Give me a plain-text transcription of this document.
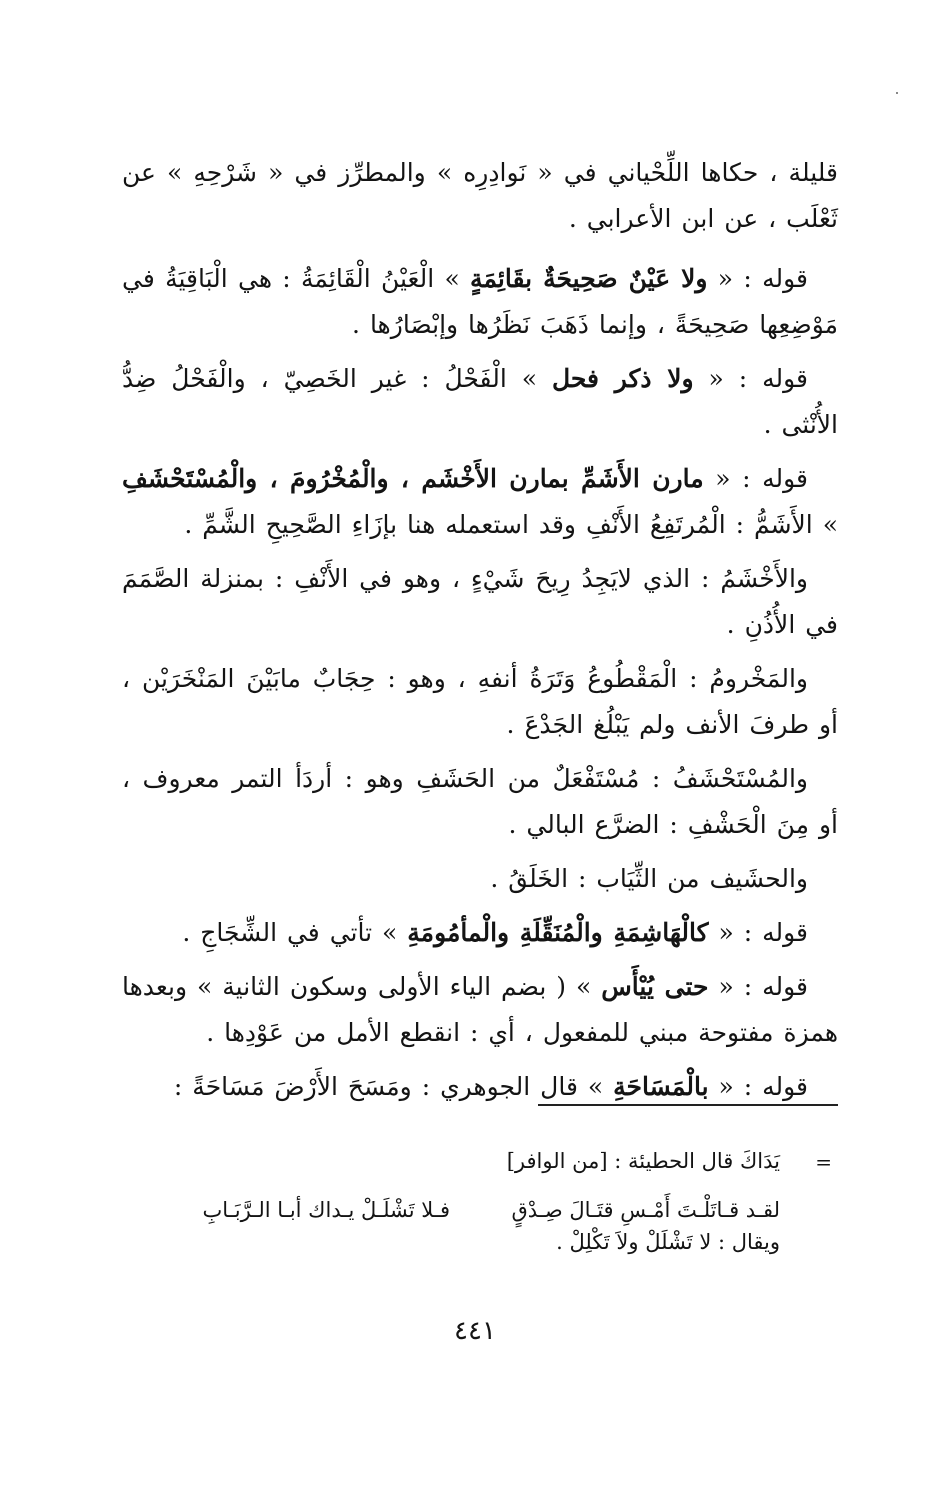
قليلة ، حكاها اللِّحْياني في « نَوادِرِه » والمطرِّز في « شَرْحِهِ » عن ثَعْلَب ، عن ابن الأعرابي .

قوله : « ولا عَيْنٌ صَحِيحَةٌ بقَائِمَةٍ » الْعَيْنُ الْقَائِمَةُ : هي الْبَاقِيَةُ في مَوْضِعِها صَحِيحَةً ، وإنما ذَهَبَ نَظَرُها وإبْصَارُها .

قوله : « ولا ذكر فحل » الْفَحْلُ : غير الخَصِيّ ، والْفَحْلُ ضِدُّ الأُنْثى .

قوله : « مارن الأَشَمِّ بمارن الأَخْشَم ، والْمُخْرُومَ ، والْمُسْتَحْشَفِ » الأَشَمُّ : الْمُرتَفِعُ الأَنْفِ وقد استعمله هنا بإزَاءِ الصَّحِيحِ الشَّمِّ .

والأَخْشَمُ : الذي لايَجِدُ رِيحَ شَيْءٍ ، وهو في الأَنْفِ : بمنزلة الصَّمَمَ في الأُذُنِ .

والمَخْرومُ : الْمَقْطُوعُ وَتَرَةُ أنفهِ ، وهو : حِجَابٌ مابَيْنَ المَنْخَرَيْن ، أو طرفَ الأنف ولم يَبْلُغ الجَدْعَ .

والمُسْتَحْشَفُ : مُسْتَفْعَلٌ من الحَشَفِ وهو : أردَأ التمر معروف ، أو مِنَ الْحَشْفِ : الضرَّع البالي .

والحشَيف من الثِّيَاب : الخَلَقُ .

قوله : « كالْهَاشِمَةِ والْمُنَقِّلَةِ والْمأمُومَةِ » تأتي في الشِّجَاجِ .

قوله : « حتى يُيْأَس » ( بضم الياء الأولى وسكون الثانية » وبعدها همزة مفتوحة مبني للمفعول ، أي : انقطع الأمل من عَوْدِها .

قوله : « بالْمَسَاحَةِ » قال الجوهري : ومَسَحَ الأَرْضَ مَسَاحَةً :

=
يَدَاكَ قال الحطيئة : [من الوافر]
لقـد قـاتَلْـتَ أَمْـسِ قتَـالَ صِـدْقٍ
فـلا تَشْلَـلْ يـداك أبـا الـرَّبَـابِ
ويقال : لا تَشْلَلْ ولاَ تَكْلِلْ .
٤٤١
